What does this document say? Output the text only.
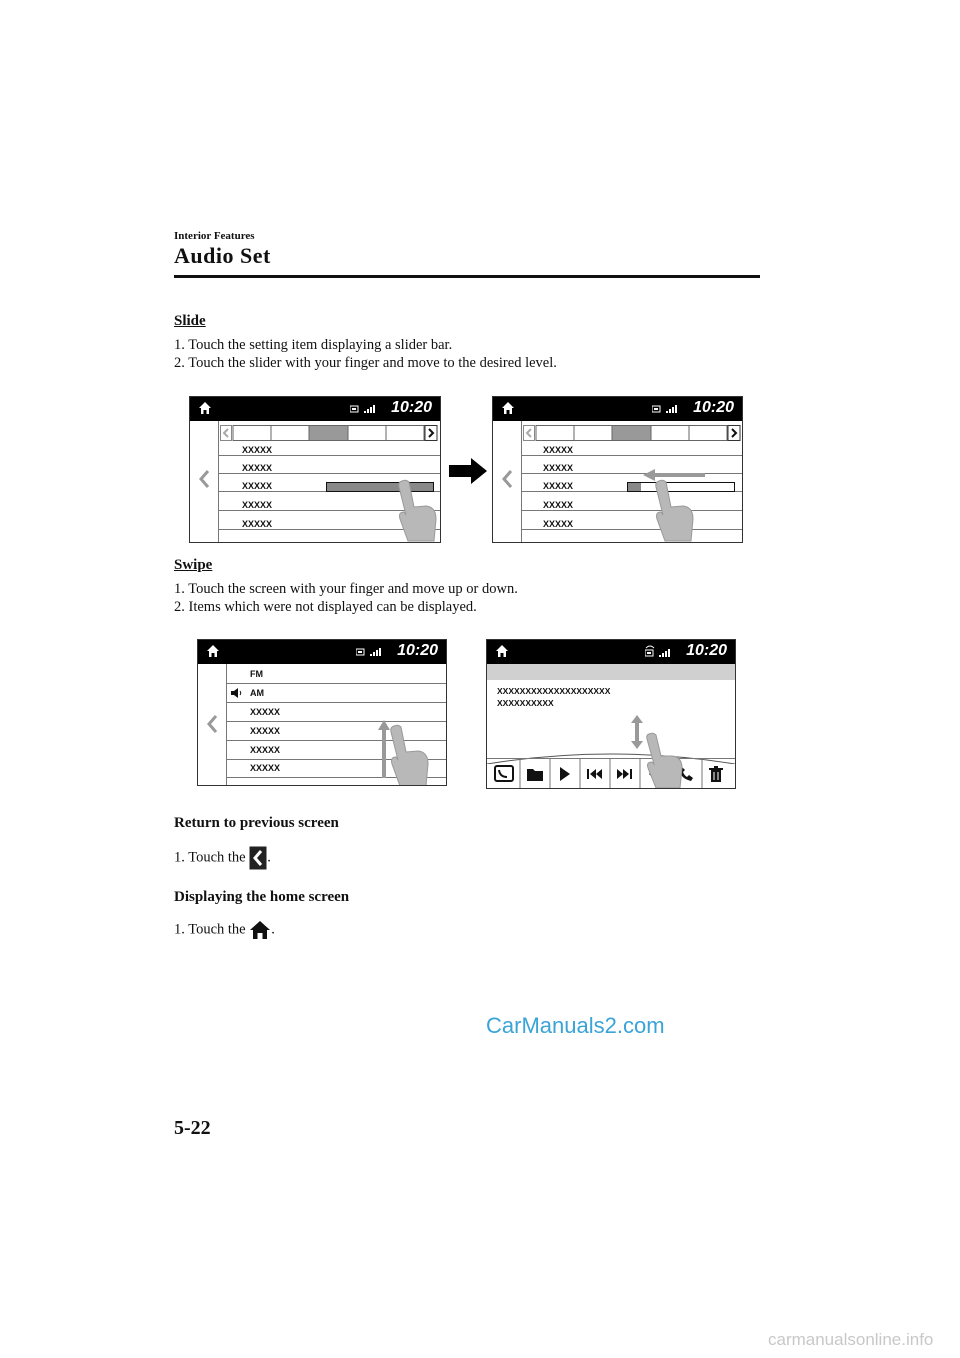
Interior Features
Audio Set
Slide
1. Touch the setting item displaying a slider bar.
2. Touch the slider with your finger and move to the desired level.
10:20
XXXXX
XXXXX
XXXXX
XXXXX
XXXXX
10:20
XXXXX
XXXXX
XXXXX
XXXXX
XXXXX
Swipe
1. Touch the screen with your finger and move up or down.
2. Items which were not displayed can be displayed.
10:20
FM
AM
XXXXX
XXXXX
XXXXX
XXXXX
10:20
XXXXXXXXXXXXXXXXXXXX
XXXXXXXXXX
Return to previous screen
1. Touch the .
Displaying the home screen
1. Touch the .
CarManuals2.com
5-22
carmanualsonline.info
